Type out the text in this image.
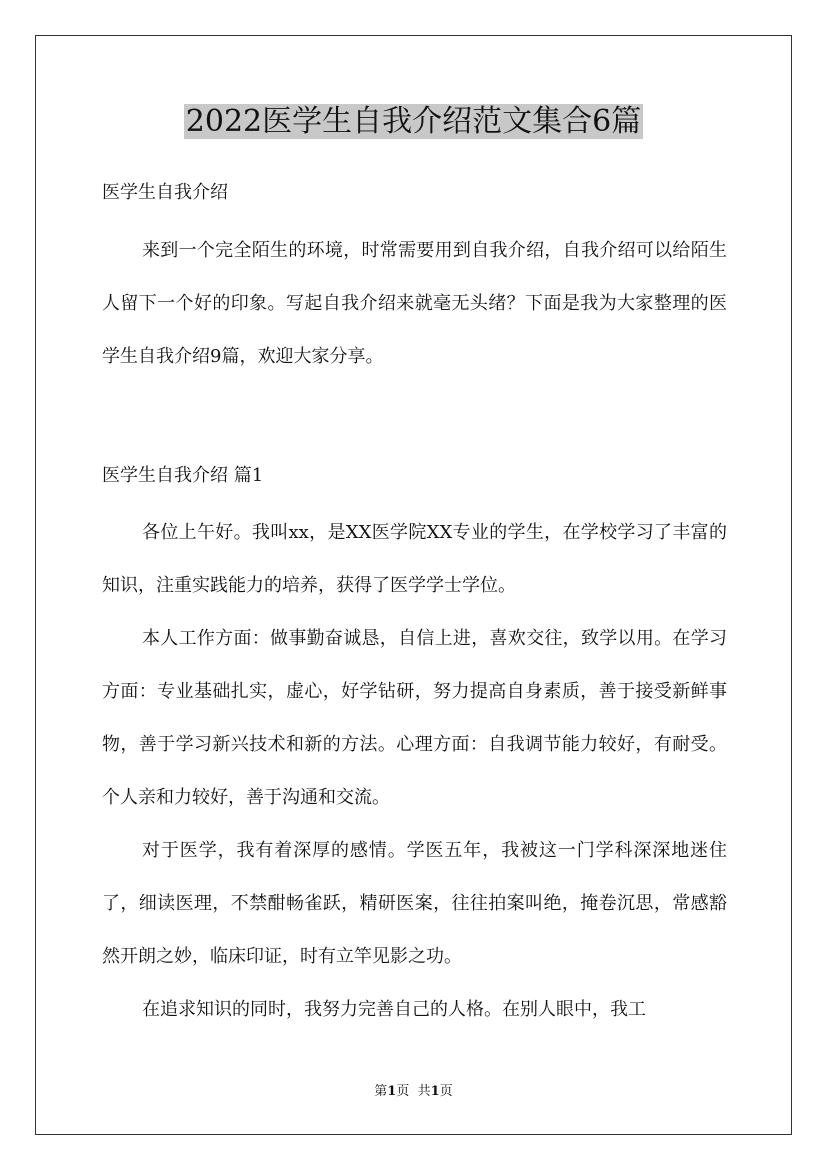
2022医学生自我介绍范文集合6篇

医学生自我介绍

来到一个完全陌生的环境，时常需要用到自我介绍，自我介绍可以给陌生人留下一个好的印象。写起自我介绍来就毫无头绪？下面是我为大家整理的医学生自我介绍9篇，欢迎大家分享。

医学生自我介绍 篇1

各位上午好。我叫xx，是XX医学院XX专业的学生，在学校学习了丰富的知识，注重实践能力的培养，获得了医学学士学位。

本人工作方面：做事勤奋诚恳，自信上进，喜欢交往，致学以用。在学习方面：专业基础扎实，虚心，好学钻研，努力提高自身素质，善于接受新鲜事物，善于学习新兴技术和新的方法。心理方面：自我调节能力较好，有耐受。个人亲和力较好，善于沟通和交流。

对于医学，我有着深厚的感情。学医五年，我被这一门学科深深地迷住了，细读医理，不禁酣畅雀跃，精研医案，往往拍案叫绝，掩卷沉思，常感豁然开朗之妙，临床印证，时有立竿见影之功。

在追求知识的同时，我努力完善自己的人格。在别人眼中，我工

第1页 共1页
